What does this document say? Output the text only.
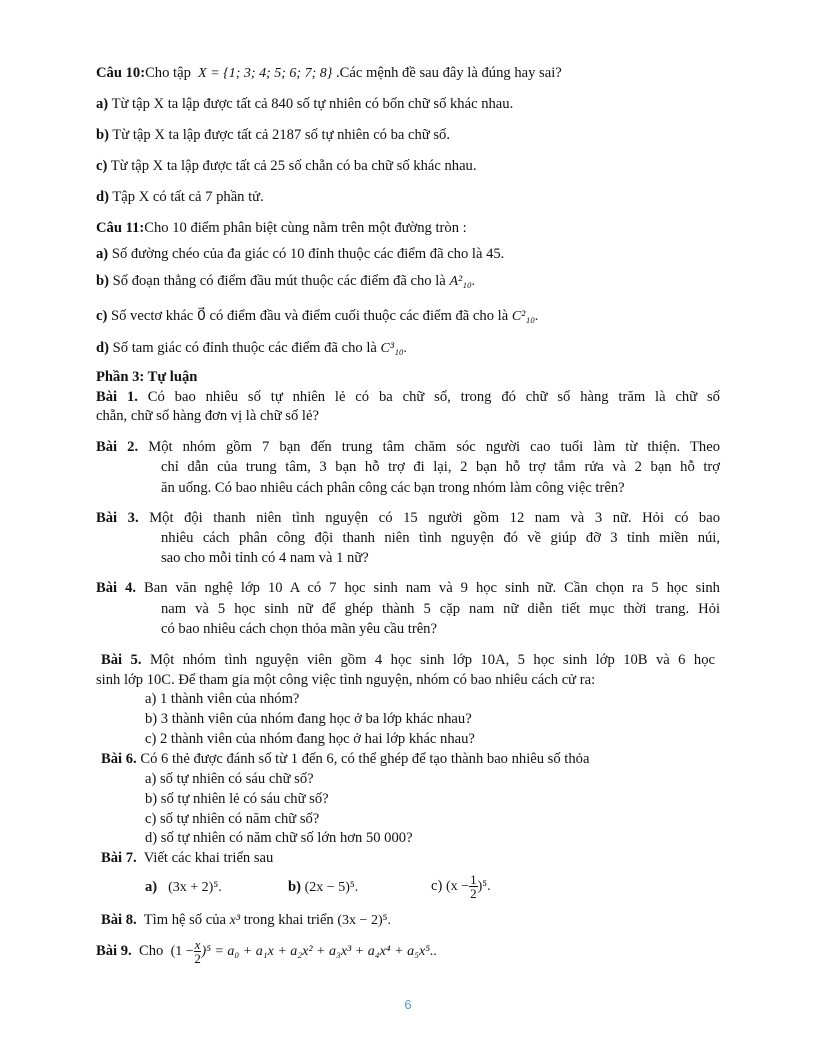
Câu 10:Cho tập X = {1; 3; 4; 5; 6; 7; 8} .Các mệnh đề sau đây là đúng hay sai?
a) Từ tập X ta lập được tất cả 840 số tự nhiên có bốn chữ số khác nhau.
b) Từ tập X ta lập được tất cả 2187 số tự nhiên có ba chữ số.
c) Từ tập X ta lập được tất cả 25 số chẵn có ba chữ số khác nhau.
d) Tập X có tất cả 7 phần tử.
Câu 11:Cho 10 điểm phân biệt cùng nằm trên một đường tròn :
a) Số đường chéo của đa giác có 10 đỉnh thuộc các điểm đã cho là 45.
b) Số đoạn thẳng có điểm đầu mút thuộc các điểm đã cho là A²₁₀.
c) Số vectơ khác 0⃗ có điểm đầu và điểm cuối thuộc các điểm đã cho là C²₁₀.
d) Số tam giác có đỉnh thuộc các điểm đã cho là C³₁₀.
Phần 3: Tự luận
Bài 1. Có bao nhiêu số tự nhiên lẻ có ba chữ số, trong đó chữ số hàng trăm là chữ số
chẵn, chữ số hàng đơn vị là chữ số lẻ?
Bài 2. Một nhóm gồm 7 bạn đến trung tâm chăm sóc người cao tuổi làm từ thiện. Theo
chỉ dẫn của trung tâm, 3 bạn hỗ trợ đi lại, 2 bạn hỗ trợ tắm rửa và 2 bạn hỗ trợ
ăn uống. Có bao nhiêu cách phân công các bạn trong nhóm làm công việc trên?
Bài 3. Một đội thanh niên tình nguyện có 15 người gồm 12 nam và 3 nữ. Hỏi có bao
nhiêu cách phân công đội thanh niên tình nguyện đó về giúp đỡ 3 tỉnh miền núi,
sao cho mỗi tỉnh có 4 nam và 1 nữ?
Bài 4. Ban văn nghệ lớp 10 A có 7 học sinh nam và 9 học sinh nữ. Cần chọn ra 5 học sinh
nam và 5 học sinh nữ để ghép thành 5 cặp nam nữ diễn tiết mục thời trang. Hỏi
có bao nhiêu cách chọn thỏa mãn yêu cầu trên?
Bài 5. Một nhóm tình nguyện viên gồm 4 học sinh lớp 10A, 5 học sinh lớp 10B và 6 học
sinh lớp 10C. Để tham gia một công việc tình nguyện, nhóm có bao nhiêu cách cử ra:
a) 1 thành viên của nhóm?
b) 3 thành viên của nhóm đang học ở ba lớp khác nhau?
c) 2 thành viên của nhóm đang học ở hai lớp khác nhau?
Bài 6. Có 6 thẻ được đánh số từ 1 đến 6, có thể ghép để tạo thành bao nhiêu số thỏa
a) số tự nhiên có sáu chữ số?
b) số tự nhiên lẻ có sáu chữ số?
c) số tự nhiên có năm chữ số?
d) số tự nhiên có năm chữ số lớn hơn 50 000?
Bài 7. Viết các khai triển sau
a) (3x + 2)⁵.	b) (2x − 5)⁵.	c) $(x - \frac{1}{2} )^5$.
Bài 8. Tìm hệ số của x³ trong khai triển (3x − 2)⁵.
Bài 9. Cho $(1 - \frac{x}{2} )^5 = a_0 + a_1x + a_2x^2 + a_3x^3 + a_4x^4 + a_5x^5$..
6
